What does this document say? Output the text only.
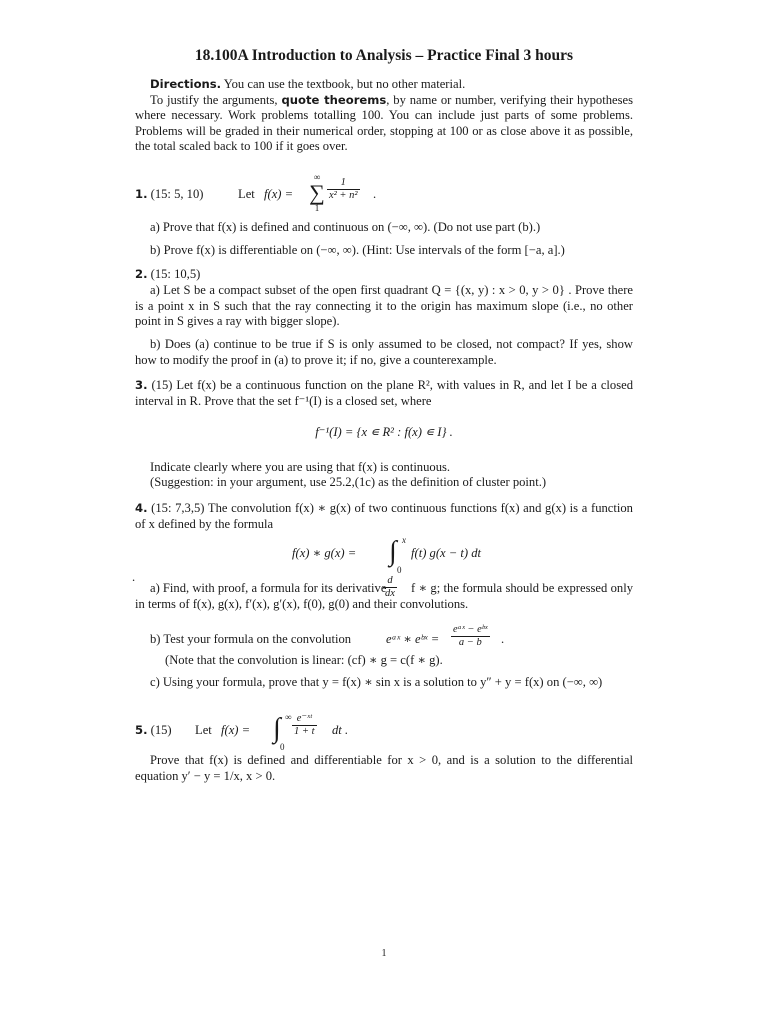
18.100A Introduction to Analysis – Practice Final 3 hours
Directions. You can use the textbook, but no other material.
To justify the arguments, quote theorems, by name or number, verifying their hypotheses where necessary. Work problems totalling 100. You can include just parts of some problems. Problems will be graded in their numerical order, stopping at 100 or as close above it as possible, the total scaled back to 100 if it goes over.
1. (15: 5, 10)	Let f(x) =
∞
∑
1
$\frac{1}{\text{x² + n²}}$ .
a) Prove that f(x) is defined and continuous on (−∞, ∞). (Do not use part (b).)
b) Prove f(x) is differentiable on (−∞, ∞). (Hint: Use intervals of the form [−a, a].)
2. (15: 10,5)
a) Let S be a compact subset of the open first quadrant Q = {(x, y) : x > 0, y > 0} . Prove there is a point x in S such that the ray connecting it to the origin has maximum slope (i.e., no other point in S gives a ray with bigger slope).
b) Does (a) continue to be true if S is only assumed to be closed, not compact? If yes, show how to modify the proof in (a) to prove it; if no, give a counterexample.
3. (15) Let f(x) be a continuous function on the plane R², with values in R, and let I be a closed interval in R. Prove that the set f⁻¹(I) is a closed set, where
f⁻¹(I) = {x ∊ R² : f(x) ∊ I} .
Indicate clearly where you are using that f(x) is continuous.
(Suggestion: in your argument, use 25.2,(1c) as the definition of cluster point.)
4. (15: 7,3,5) The convolution f(x) ∗ g(x) of two continuous functions f(x) and g(x) is a function of x defined by the formula
f(x) ∗ g(x) = ∫ x
0
f(t) g(x − t) dt
.
a) Find, with proof, a formula for its derivative
$\frac{d}{dx}$	f ∗ g; the formula should be expressed only in terms of f(x), g(x), f′(x), g′(x), f(0), g(0) and their convolutions.
b) Test your formula on the convolution	eᵃˣ ∗ eᵇˣ =
eᵃˣ − eᵇˣ
a − b	.
(Note that the convolution is linear: (cf) ∗ g = c(f ∗ g).
c) Using your formula, prove that y = f(x) ∗ sin x is a solution to y″ + y = f(x) on (−∞, ∞)
5. (15) Let f(x) = ∫ ∞
0
$\frac{\text{e⁻ˣᵗ}}{1 + t}$ dt .
Prove that f(x) is defined and differentiable for x > 0, and is a solution to the differential equation y′ − y = 1/x, x > 0.
1
